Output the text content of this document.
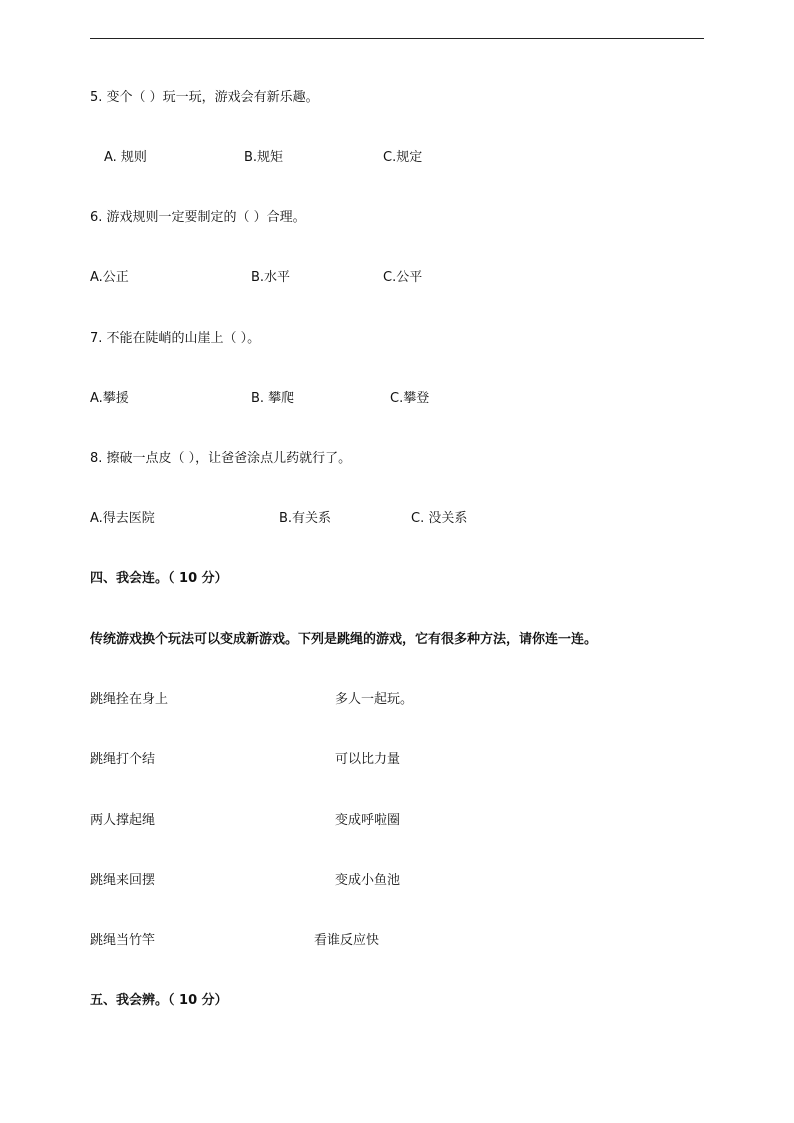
5. 变个（ ）玩一玩，游戏会有新乐趣。
A. 规则	B.规矩	C.规定
6. 游戏规则一定要制定的（ ）合理。
A.公正	B.水平	C.公平
7. 不能在陡峭的山崖上（ ）。
A.攀援	B. 攀爬	C.攀登
8. 擦破一点皮（ ），让爸爸涂点儿药就行了。
A.得去医院	B.有关系	C. 没关系
四、我会连。（ 10 分）
传统游戏换个玩法可以变成新游戏。下列是跳绳的游戏，它有很多种方法，请你连一连。
跳绳拴在身上	多人一起玩。
跳绳打个结	可以比力量
两人撑起绳	变成呼啦圈
跳绳来回摆	变成小鱼池
跳绳当竹竿	看谁反应快
五、我会辨。（ 10 分）
